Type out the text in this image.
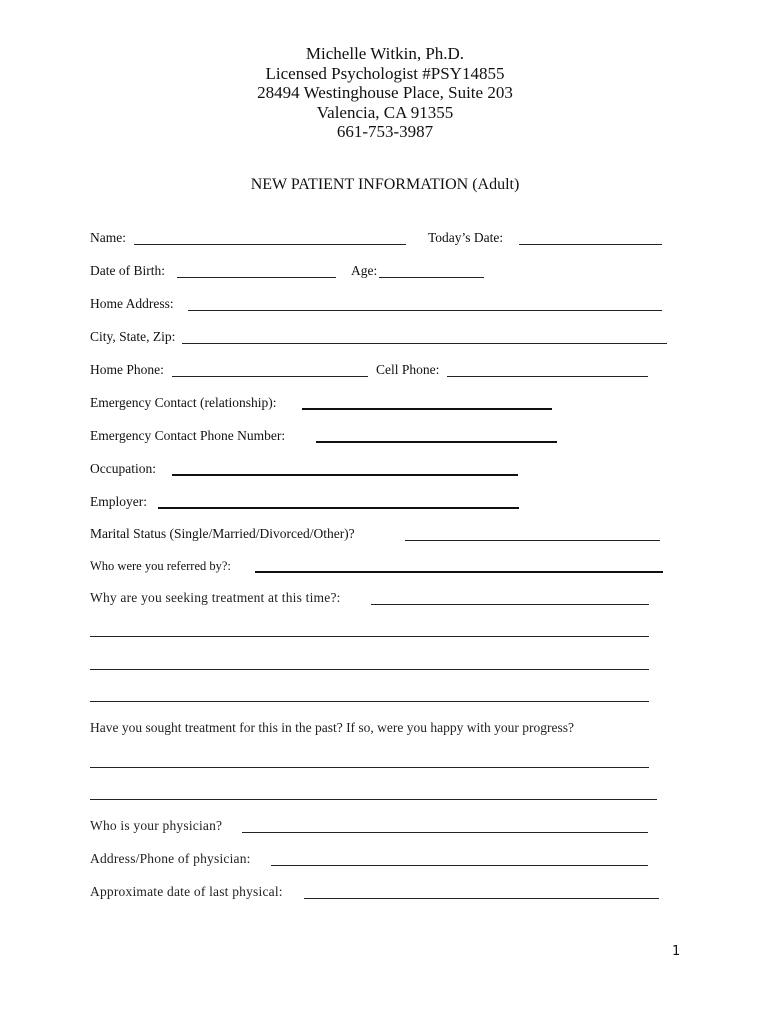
Michelle Witkin, Ph.D.
Licensed Psychologist #PSY14855
28494 Westinghouse Place, Suite 203
Valencia, CA 91355
661-753-3987
NEW PATIENT INFORMATION (Adult)
Name:	Today’s Date:
Date of Birth:	Age:
Home Address:
City, State, Zip:
Home Phone:	Cell Phone:
Emergency Contact (relationship):
Emergency Contact Phone Number:
Occupation:
Employer:
Marital Status (Single/Married/Divorced/Other)?
Who were you referred by?:
Why are you seeking treatment at this time?:
Have you sought treatment for this in the past? If so, were you happy with your progress?
Who is your physician?
Address/Phone of physician:
Approximate date of last physical:
1
